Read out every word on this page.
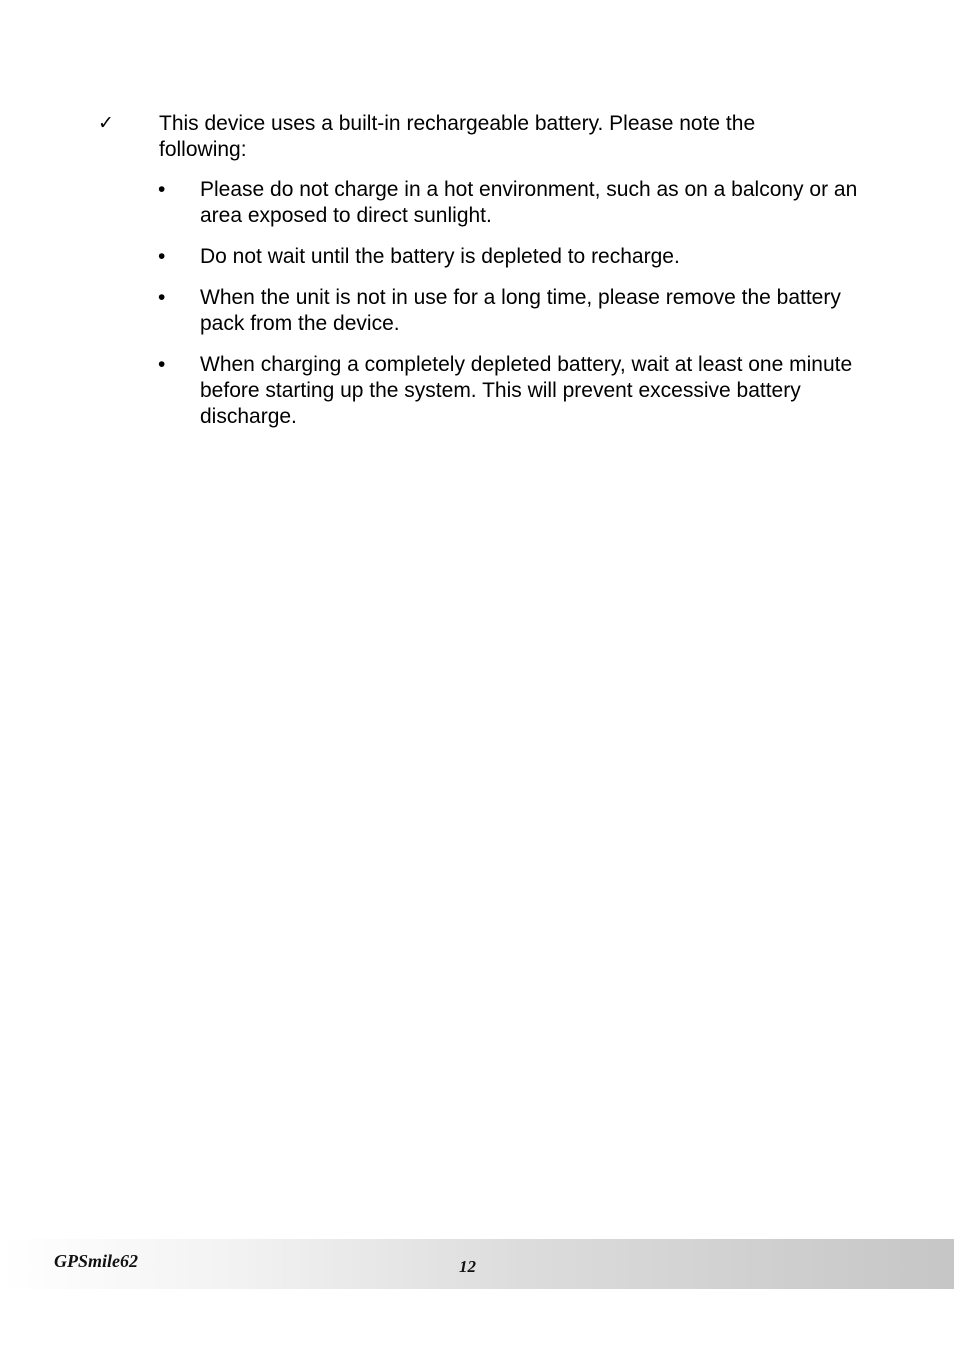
✓ This device uses a built-in rechargeable battery. Please note the following:
• Please do not charge in a hot environment, such as on a balcony or an area exposed to direct sunlight.
• Do not wait until the battery is depleted to recharge.
• When the unit is not in use for a long time, please remove the battery pack from the device.
• When charging a completely depleted battery, wait at least one minute before starting up the system. This will prevent excessive battery discharge.
GPSmile62	12
